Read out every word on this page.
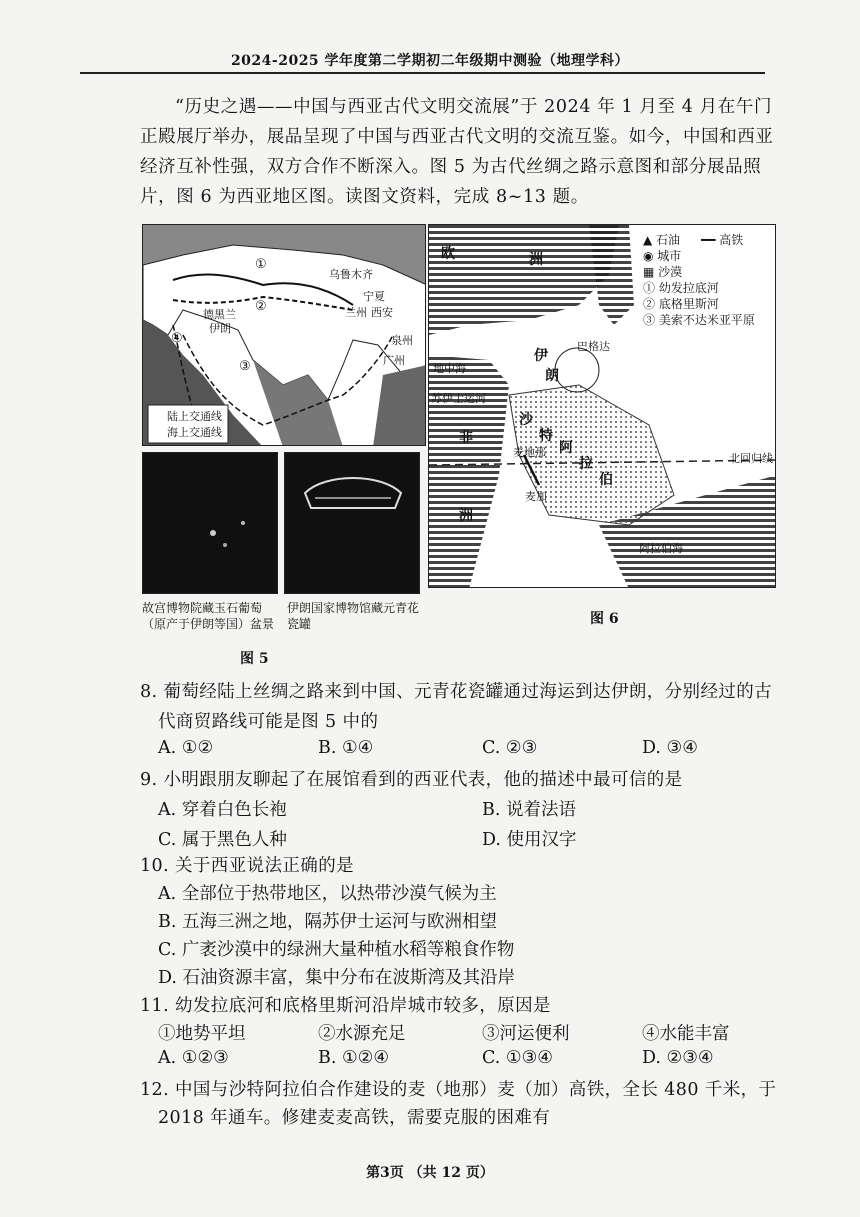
2024-2025 学年度第二学期初二年级期中测验（地理学科）

“历史之遇——中国与西亚古代文明交流展”于 2024 年 1 月至 4 月在午门正殿展厅举办，展品呈现了中国与西亚古代文明的交流互鉴。如今，中国和西亚经济互补性强，双方合作不断深入。图 5 为古代丝绸之路示意图和部分展品照片，图 6 为西亚地区图。读图文资料，完成 8~13 题。

①
②
③
④
乌鲁木齐
兰州 西安
宁夏
泉州
广州
德黑兰
伊朗
陆上交通线
海上交通线
故宫博物院藏玉石葡萄（原产于伊朗等国）盆景
伊朗国家博物馆藏元青花瓷罐
图 5
欧	洲
非
洲
沙
特
阿
拉
伯
伊
朗
地中海
苏伊士运河
麦地那
麦加
巴格达
北回归线
阿拉伯海
▲ 石油 ━━ 高铁
◉ 城市
▦ 沙漠
① 幼发拉底河
② 底格里斯河
③ 美索不达米亚平原
图 6
8. 葡萄经陆上丝绸之路来到中国、元青花瓷罐通过海运到达伊朗，分别经过的古
代商贸路线可能是图 5 中的
A. ①②	B. ①④	C. ②③	D. ③④
9. 小明跟朋友聊起了在展馆看到的西亚代表，他的描述中最可信的是
A. 穿着白色长袍	B. 说着法语
C. 属于黑色人种	D. 使用汉字
10. 关于西亚说法正确的是
A. 全部位于热带地区，以热带沙漠气候为主
B. 五海三洲之地，隔苏伊士运河与欧洲相望
C. 广袤沙漠中的绿洲大量种植水稻等粮食作物
D. 石油资源丰富，集中分布在波斯湾及其沿岸
11. 幼发拉底河和底格里斯河沿岸城市较多，原因是
①地势平坦	②水源充足	③河运便利	④水能丰富
A. ①②③	B. ①②④	C. ①③④	D. ②③④
12. 中国与沙特阿拉伯合作建设的麦（地那）麦（加）高铁，全长 480 千米，于
2018 年通车。修建麦麦高铁，需要克服的困难有
第3页 （共 12 页）
